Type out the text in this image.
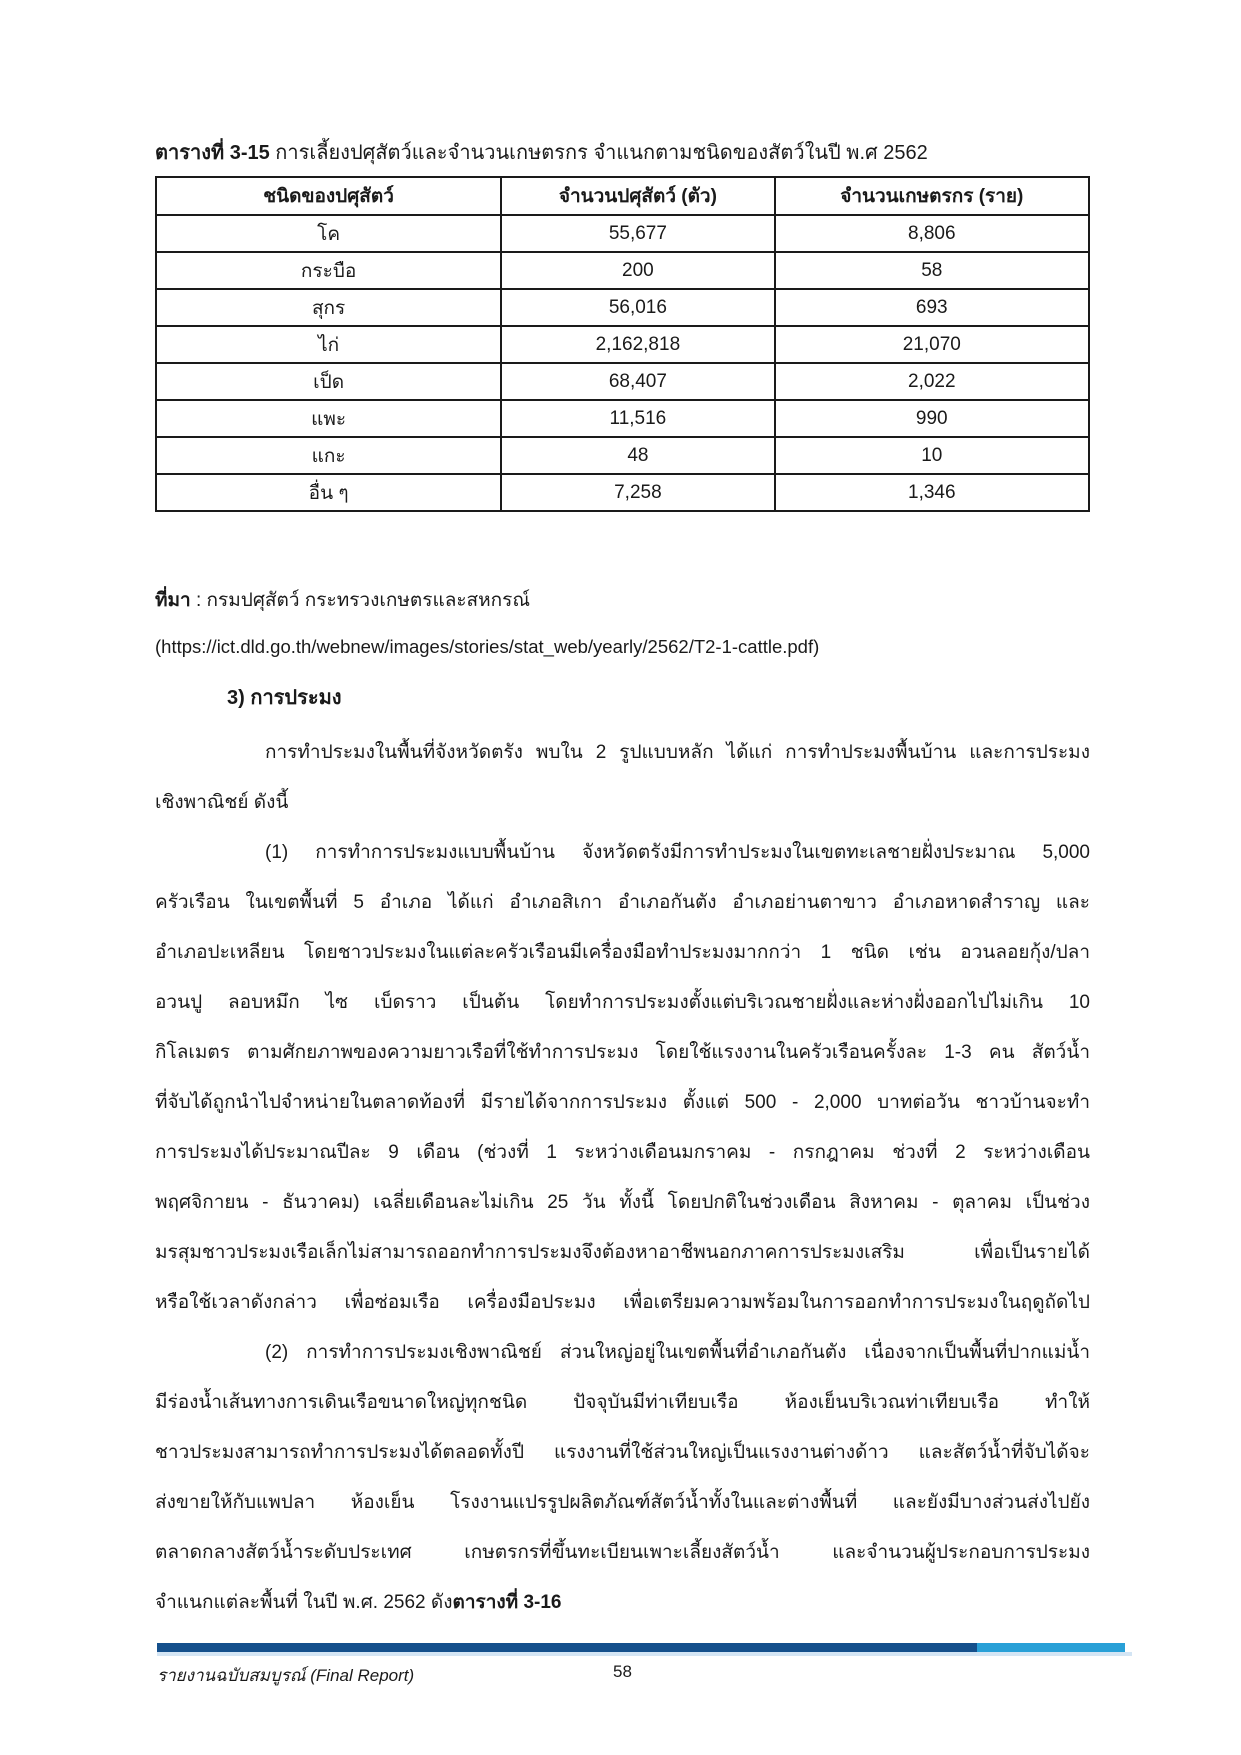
ตารางที่ 3-15 การเลี้ยงปศุสัตว์และจำนวนเกษตรกร จำแนกตามชนิดของสัตว์ในปี พ.ศ 2562
ชนิดของปศุสัตว์	จำนวนปศุสัตว์ (ตัว)	จำนวนเกษตรกร (ราย)
โค	55,677	8,806
กระบือ	200	58
สุกร	56,016	693
ไก่	2,162,818	21,070
เป็ด	68,407	2,022
แพะ	11,516	990
แกะ	48	10
อื่น ๆ	7,258	1,346
ที่มา : กรมปศุสัตว์ กระทรวงเกษตรและสหกรณ์
(https://ict.dld.go.th/webnew/images/stories/stat_web/yearly/2562/T2-1-cattle.pdf)
3) การประมง
การทำประมงในพื้นที่จังหวัดตรัง พบใน 2 รูปแบบหลัก ได้แก่ การทำประมงพื้นบ้าน และการประมง
เชิงพาณิชย์ ดังนี้
(1) การทำการประมงแบบพื้นบ้าน จังหวัดตรังมีการทำประมงในเขตทะเลชายฝั่งประมาณ 5,000
ครัวเรือน ในเขตพื้นที่ 5 อำเภอ ได้แก่ อำเภอสิเกา อำเภอกันตัง อำเภอย่านตาขาว อำเภอหาดสำราญ และ
อำเภอปะเหลียน โดยชาวประมงในแต่ละครัวเรือนมีเครื่องมือทำประมงมากกว่า 1 ชนิด เช่น อวนลอยกุ้ง/ปลา
อวนปู ลอบหมึก ไซ เบ็ดราว เป็นต้น โดยทำการประมงตั้งแต่บริเวณชายฝั่งและห่างฝั่งออกไปไม่เกิน 10
กิโลเมตร ตามศักยภาพของความยาวเรือที่ใช้ทำการประมง โดยใช้แรงงานในครัวเรือนครั้งละ 1-3 คน สัตว์น้ำ
ที่จับได้ถูกนำไปจำหน่ายในตลาดท้องที่ มีรายได้จากการประมง ตั้งแต่ 500 - 2,000 บาทต่อวัน ชาวบ้านจะทำ
การประมงได้ประมาณปีละ 9 เดือน (ช่วงที่ 1 ระหว่างเดือนมกราคม - กรกฎาคม ช่วงที่ 2 ระหว่างเดือน
พฤศจิกายน - ธันวาคม) เฉลี่ยเดือนละไม่เกิน 25 วัน ทั้งนี้ โดยปกติในช่วงเดือน สิงหาคม - ตุลาคม เป็นช่วง
มรสุมชาวประมงเรือเล็กไม่สามารถออกทำการประมงจึงต้องหาอาชีพนอกภาคการประมงเสริม เพื่อเป็นรายได้
หรือใช้เวลาดังกล่าว เพื่อซ่อมเรือ เครื่องมือประมง เพื่อเตรียมความพร้อมในการออกทำการประมงในฤดูถัดไป
(2) การทำการประมงเชิงพาณิชย์ ส่วนใหญ่อยู่ในเขตพื้นที่อำเภอกันตัง เนื่องจากเป็นพื้นที่ปากแม่น้ำ
มีร่องน้ำเส้นทางการเดินเรือขนาดใหญ่ทุกชนิด ปัจจุบันมีท่าเทียบเรือ ห้องเย็นบริเวณท่าเทียบเรือ ทำให้
ชาวประมงสามารถทำการประมงได้ตลอดทั้งปี แรงงานที่ใช้ส่วนใหญ่เป็นแรงงานต่างด้าว และสัตว์น้ำที่จับได้จะ
ส่งขายให้กับแพปลา ห้องเย็น โรงงานแปรรูปผลิตภัณฑ์สัตว์น้ำทั้งในและต่างพื้นที่ และยังมีบางส่วนส่งไปยัง
ตลาดกลางสัตว์น้ำระดับประเทศ เกษตรกรที่ขึ้นทะเบียนเพาะเลี้ยงสัตว์น้ำ และจำนวนผู้ประกอบการประมง
จำแนกแต่ละพื้นที่ ในปี พ.ศ. 2562 ดังตารางที่ 3-16
รายงานฉบับสมบูรณ์ (Final Report)	58
